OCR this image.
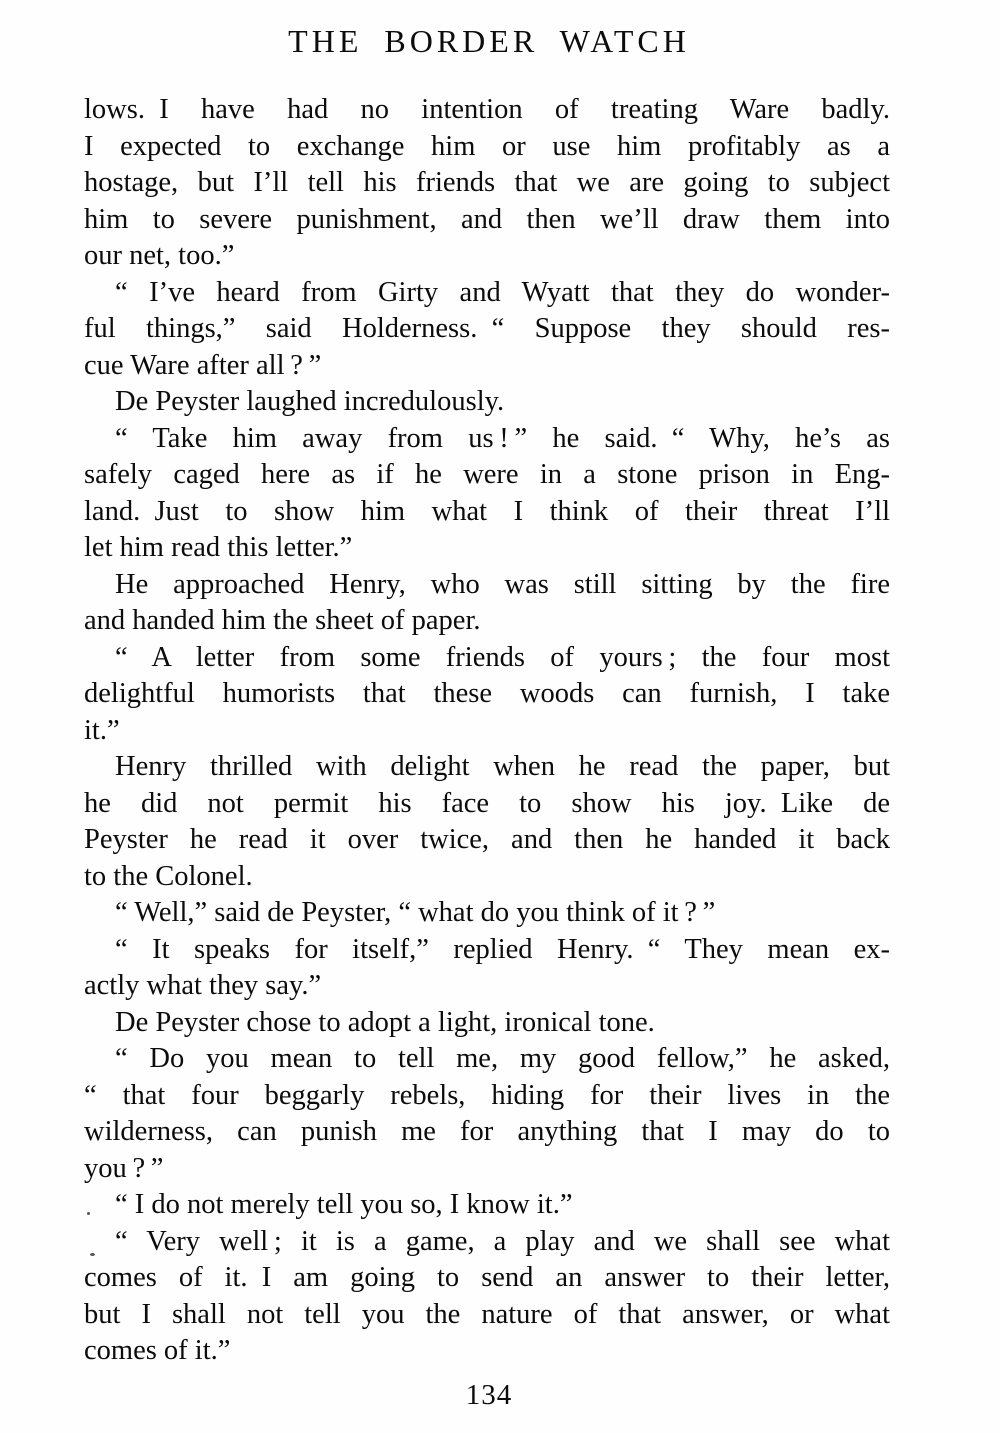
THE BORDER WATCH
lows. I have had no intention of treating Ware badly.
I expected to exchange him or use him profitably as a
hostage, but I’ll tell his friends that we are going to subject
him to severe punishment, and then we’ll draw them into
our net, too.”
“ I’ve heard from Girty and Wyatt that they do wonder-
ful things,” said Holderness. “ Suppose they should res-
cue Ware after all ? ”
De Peyster laughed incredulously.
“ Take him away from us ! ” he said. “ Why, he’s as
safely caged here as if he were in a stone prison in Eng-
land. Just to show him what I think of their threat I’ll
let him read this letter.”
He approached Henry, who was still sitting by the fire
and handed him the sheet of paper.
“ A letter from some friends of yours ; the four most
delightful humorists that these woods can furnish, I take
it.”
Henry thrilled with delight when he read the paper, but
he did not permit his face to show his joy. Like de
Peyster he read it over twice, and then he handed it back
to the Colonel.
“ Well,” said de Peyster, “ what do you think of it ? ”
“ It speaks for itself,” replied Henry. “ They mean ex-
actly what they say.”
De Peyster chose to adopt a light, ironical tone.
“ Do you mean to tell me, my good fellow,” he asked,
“ that four beggarly rebels, hiding for their lives in the
wilderness, can punish me for anything that I may do to
you ? ”
“ I do not merely tell you so, I know it.”
“ Very well ; it is a game, a play and we shall see what
comes of it. I am going to send an answer to their letter,
but I shall not tell you the nature of that answer, or what
comes of it.”
134
